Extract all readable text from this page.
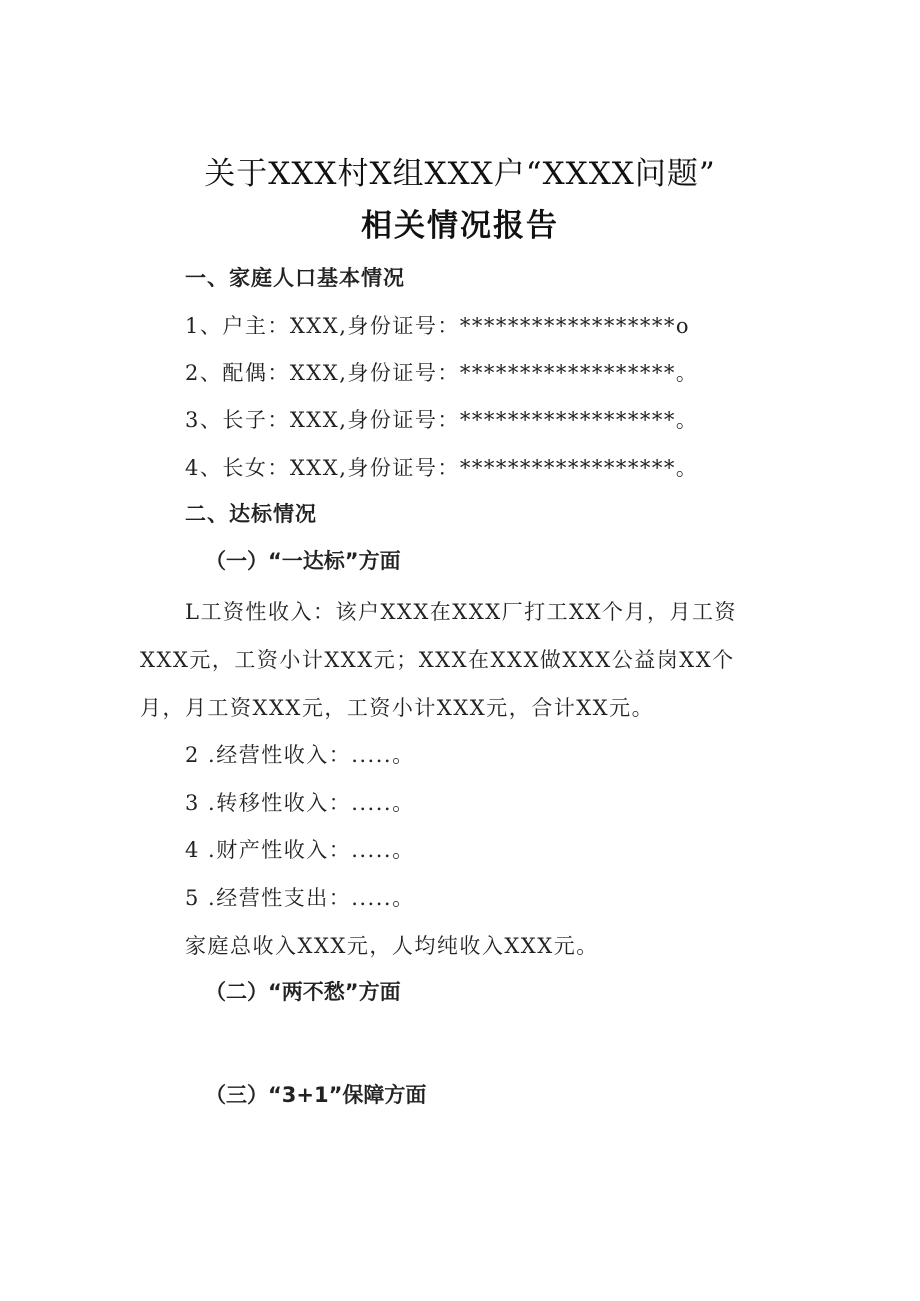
关于XXX村X组XXX户“XXXX问题”
相关情况报告
一、家庭人口基本情况
1、户主：XXX,身份证号：******************o
2、配偶：XXX,身份证号：******************。
3、长子：XXX,身份证号：******************。
4、长女：XXX,身份证号：******************。
二、达标情况
（一）“一达标”方面
L工资性收入：该户XXX在XXX厂打工XX个月，月工资
XXX元，工资小计XXX元；XXX在XXX做XXX公益岗XX个
月，月工资XXX元，工资小计XXX元，合计XX元。
2 .经营性收入：.....。
3 .转移性收入：.....。
4 .财产性收入：.....。
5 .经营性支出：.....。
家庭总收入XXX元，人均纯收入XXX元。
（二）“两不愁”方面
（三）“3+1”保障方面
